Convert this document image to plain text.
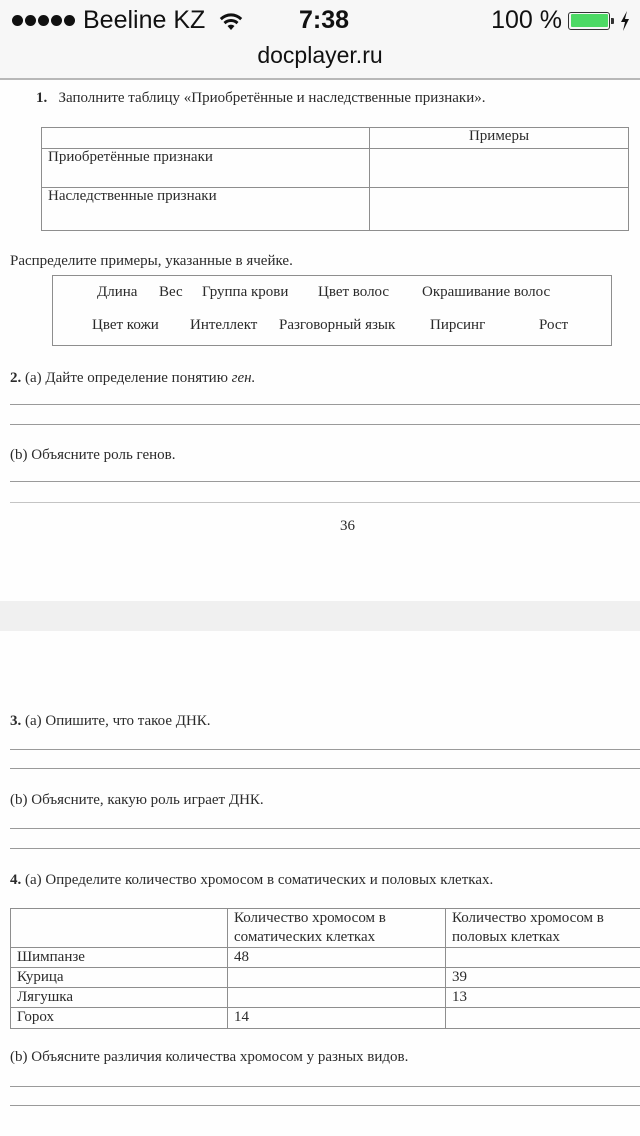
Beeline KZ	7:38	100 %
docplayer.ru
1. Заполните таблицу «Приобретённые и наследственные признаки».
	Примеры
Приобретённые признаки	
Наследственные признаки	
Распределите примеры, указанные в ячейке.
Длина Вес Группа крови Цвет волос Окрашивание волос
Цвет кожи Интеллект Разговорный язык Пирсинг	Рост
2. (a) Дайте определение понятию ген.
(b) Объясните роль генов.
36
3. (a) Опишите, что такое ДНК.
(b) Объясните, какую роль играет ДНК.
4. (a) Определите количество хромосом в соматических и половых клетках.
	Количество хромосом в соматических клетках	Количество хромосом в половых клетках
Шимпанзе	48	
Курица		39
Лягушка		13
Горох	14	
(b) Объясните различия количества хромосом у разных видов.
